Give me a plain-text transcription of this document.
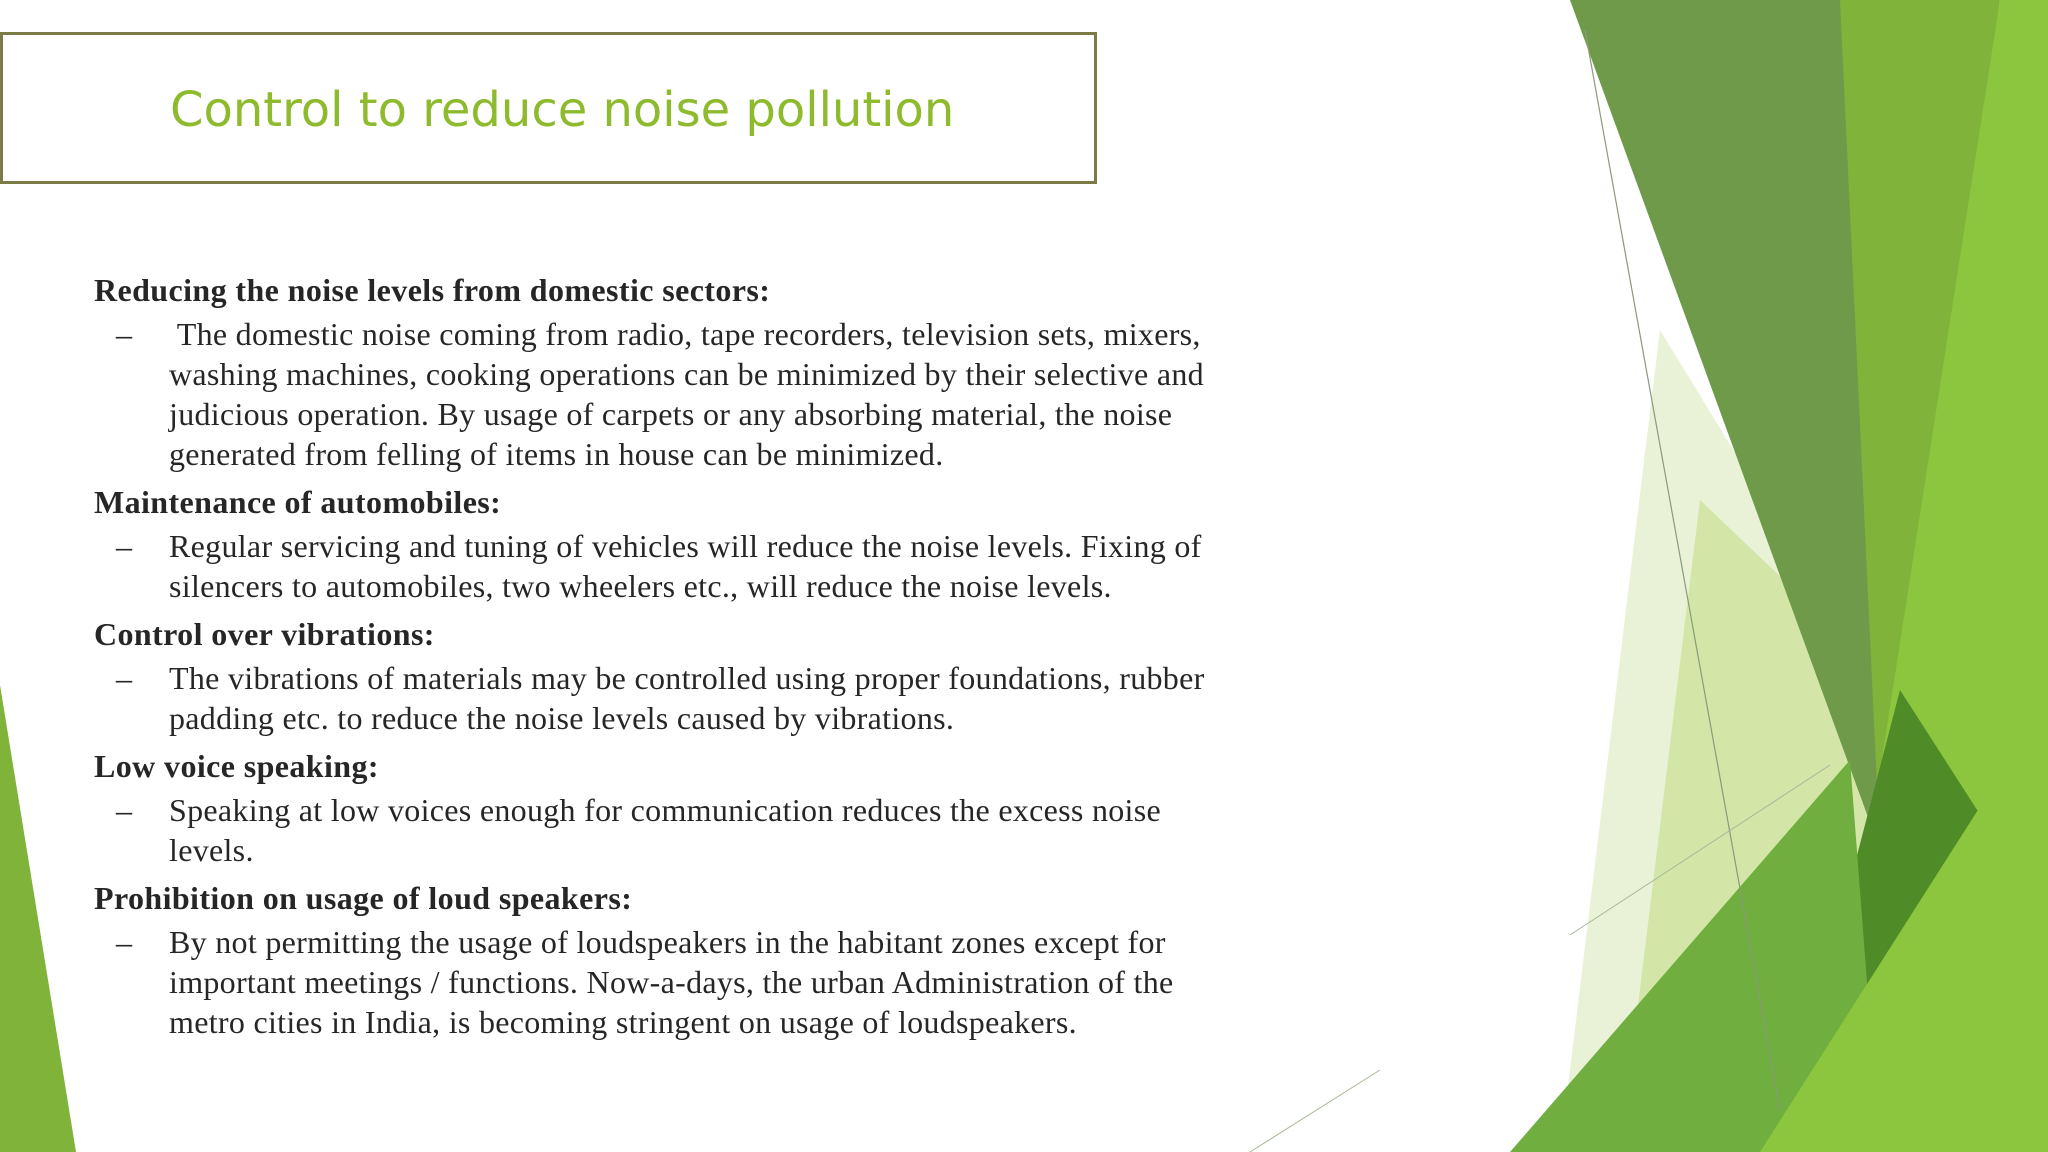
Control to reduce noise pollution

Reducing the noise levels from domestic sectors:

– The domestic noise coming from radio, tape recorders, television sets, mixers,
washing machines, cooking operations can be minimized by their selective and
judicious operation. By usage of carpets or any absorbing material, the noise
generated from felling of items in house can be minimized.

Maintenance of automobiles:

– Regular servicing and tuning of vehicles will reduce the noise levels. Fixing of
silencers to automobiles, two wheelers etc., will reduce the noise levels.

Control over vibrations:

– The vibrations of materials may be controlled using proper foundations, rubber
padding etc. to reduce the noise levels caused by vibrations.

Low voice speaking:

– Speaking at low voices enough for communication reduces the excess noise
levels.

Prohibition on usage of loud speakers:

– By not permitting the usage of loudspeakers in the habitant zones except for
important meetings / functions. Now-a-days, the urban Administration of the
metro cities in India, is becoming stringent on usage of loudspeakers.
